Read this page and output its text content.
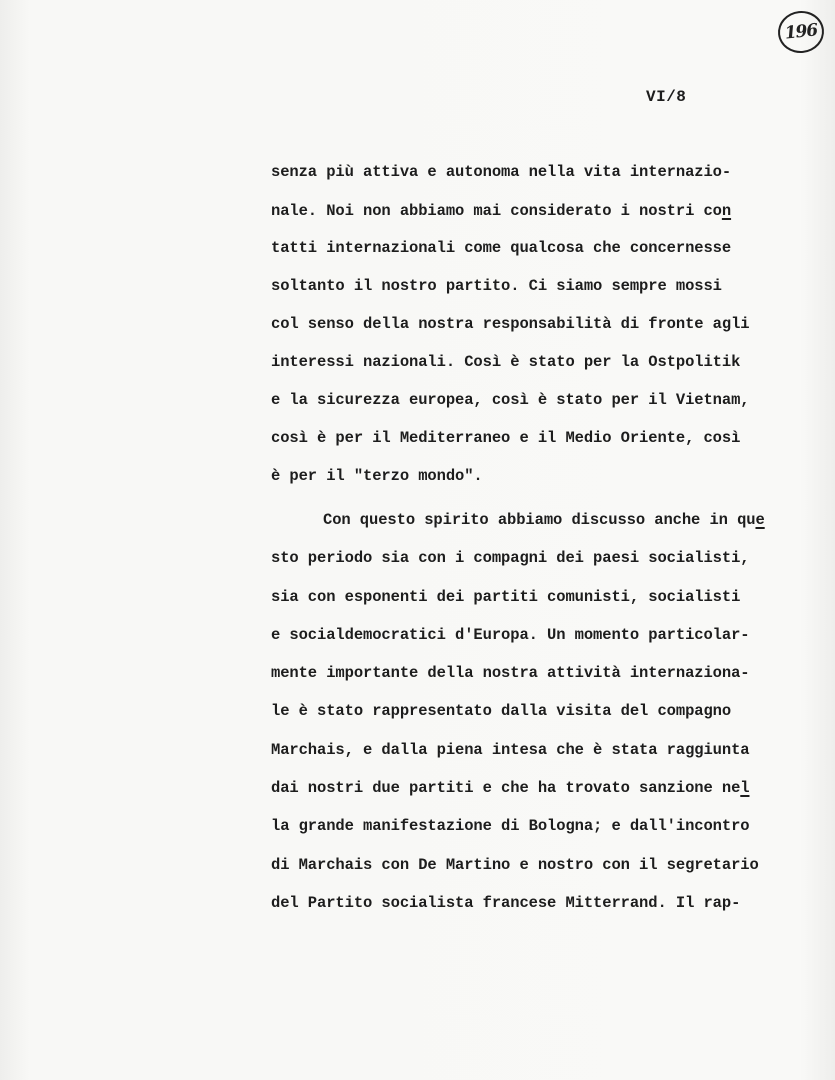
196
VI/8
senza più attiva e autonoma nella vita internazio-
nale. Noi non abbiamo mai considerato i nostri con
tatti internazionali come qualcosa che concernesse
soltanto il nostro partito. Ci siamo sempre mossi
col senso della nostra responsabilità di fronte agli
interessi nazionali. Così è stato per la Ostpolitik
e la sicurezza europea, così è stato per il Vietnam,
così è per il Mediterraneo e il Medio Oriente, così
è per il "terzo mondo".
Con questo spirito abbiamo discusso anche in que
sto periodo sia con i compagni dei paesi socialisti,
sia con esponenti dei partiti comunisti, socialisti
e socialdemocratici d'Europa. Un momento particolar-
mente importante della nostra attività internaziona-
le è stato rappresentato dalla visita del compagno
Marchais, e dalla piena intesa che è stata raggiunta
dai nostri due partiti e che ha trovato sanzione nel
la grande manifestazione di Bologna; e dall'incontro
di Marchais con De Martino e nostro con il segretario
del Partito socialista francese Mitterrand. Il rap-
